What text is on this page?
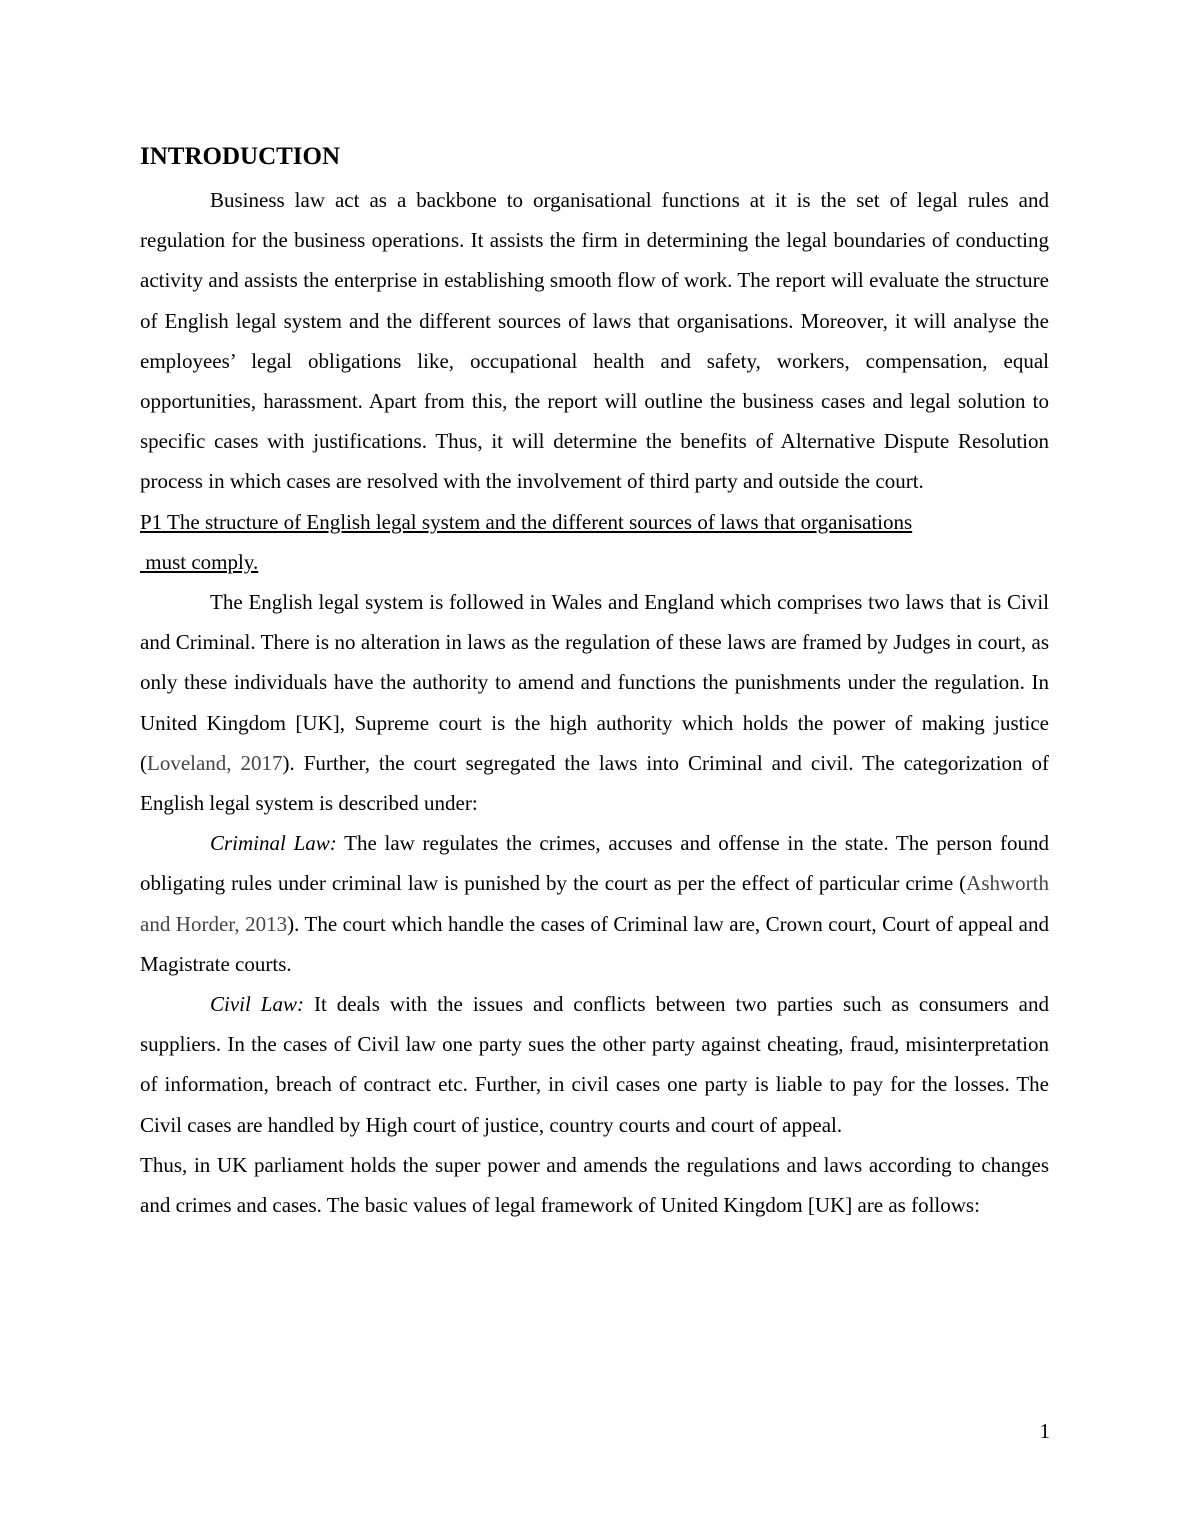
INTRODUCTION

Business law act as a backbone to organisational functions at it is the set of legal rules and regulation for the business operations. It assists the firm in determining the legal boundaries of conducting activity and assists the enterprise in establishing smooth flow of work. The report will evaluate the structure of English legal system and the different sources of laws that organisations. Moreover, it will analyse the employees’ legal obligations like, occupational health and safety, workers, compensation, equal opportunities, harassment. Apart from this, the report will outline the business cases and legal solution to specific cases with justifications. Thus, it will determine the benefits of Alternative Dispute Resolution process in which cases are resolved with the involvement of third party and outside the court.

P1 The structure of English legal system and the different sources of laws that organisations
must comply.

The English legal system is followed in Wales and England which comprises two laws that is Civil and Criminal. There is no alteration in laws as the regulation of these laws are framed by Judges in court, as only these individuals have the authority to amend and functions the punishments under the regulation. In United Kingdom [UK], Supreme court is the high authority which holds the power of making justice (Loveland, 2017). Further, the court segregated the laws into Criminal and civil. The categorization of English legal system is described under:

Criminal Law: The law regulates the crimes, accuses and offense in the state. The person found obligating rules under criminal law is punished by the court as per the effect of particular crime (Ashworth and Horder, 2013). The court which handle the cases of Criminal law are, Crown court, Court of appeal and Magistrate courts.

Civil Law: It deals with the issues and conflicts between two parties such as consumers and suppliers. In the cases of Civil law one party sues the other party against cheating, fraud, misinterpretation of information, breach of contract etc. Further, in civil cases one party is liable to pay for the losses. The Civil cases are handled by High court of justice, country courts and court of appeal.

Thus, in UK parliament holds the super power and amends the regulations and laws according to changes and crimes and cases. The basic values of legal framework of United Kingdom [UK] are as follows:

1
